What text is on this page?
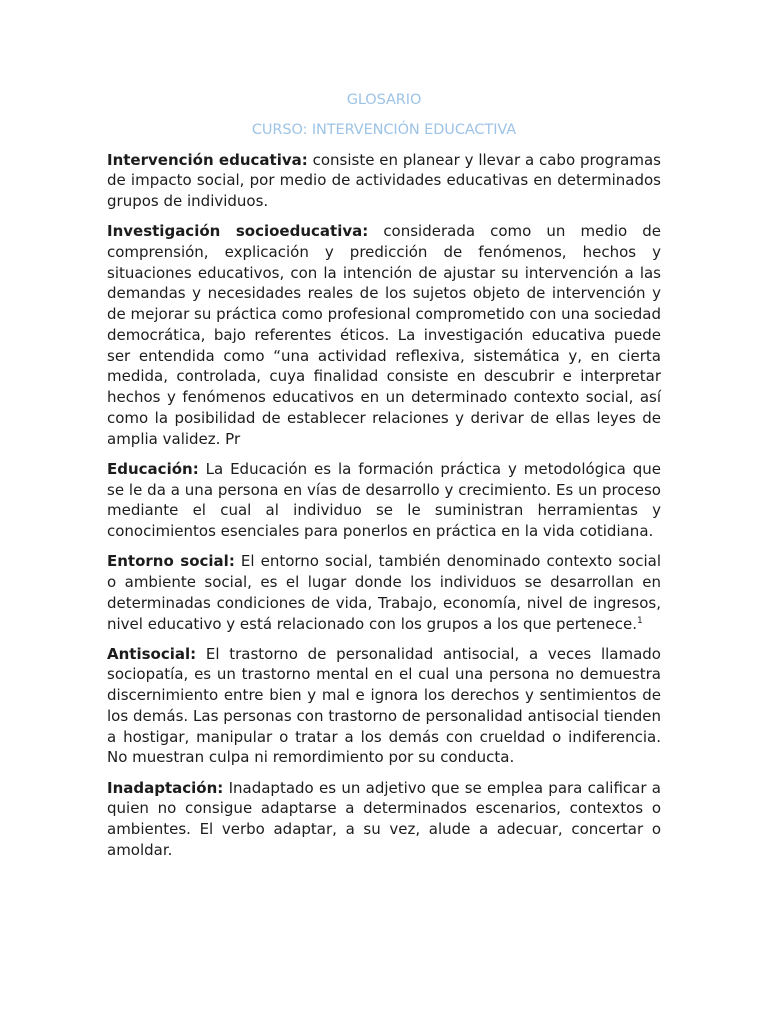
GLOSARIO
CURSO: INTERVENCIÓN EDUCACTIVA

Intervención educativa: consiste en planear y llevar a cabo programas de impacto social, por medio de actividades educativas en determinados grupos de individuos.

Investigación socioeducativa: considerada como un medio de comprensión, explicación y predicción de fenómenos, hechos y situaciones educativos, con la intención de ajustar su intervención a las demandas y necesidades reales de los sujetos objeto de intervención y de mejorar su práctica como profesional comprometido con una sociedad democrática, bajo referentes éticos. La investigación educativa puede ser entendida como “una actividad reflexiva, sistemática y, en cierta medida, controlada, cuya finalidad consiste en descubrir e interpretar hechos y fenómenos educativos en un determinado contexto social, así como la posibilidad de establecer relaciones y derivar de ellas leyes de amplia validez. Pr

Educación: La Educación es la formación práctica y metodológica que se le da a una persona en vías de desarrollo y crecimiento. Es un proceso mediante el cual al individuo se le suministran herramientas y conocimientos esenciales para ponerlos en práctica en la vida cotidiana.

Entorno social: El entorno social, también denominado contexto social o ambiente social, es el lugar donde los individuos se desarrollan en determinadas condiciones de vida, Trabajo, economía, nivel de ingresos, nivel educativo y está relacionado con los grupos a los que pertenece.$^1$

Antisocial: El trastorno de personalidad antisocial, a veces llamado sociopatía, es un trastorno mental en el cual una persona no demuestra discernimiento entre bien y mal e ignora los derechos y sentimientos de los demás. Las personas con trastorno de personalidad antisocial tienden a hostigar, manipular o tratar a los demás con crueldad o indiferencia. No muestran culpa ni remordimiento por su conducta.

Inadaptación: Inadaptado es un adjetivo que se emplea para calificar a quien no consigue adaptarse a determinados escenarios, contextos o ambientes. El verbo adaptar, a su vez, alude a adecuar, concertar o amoldar.
